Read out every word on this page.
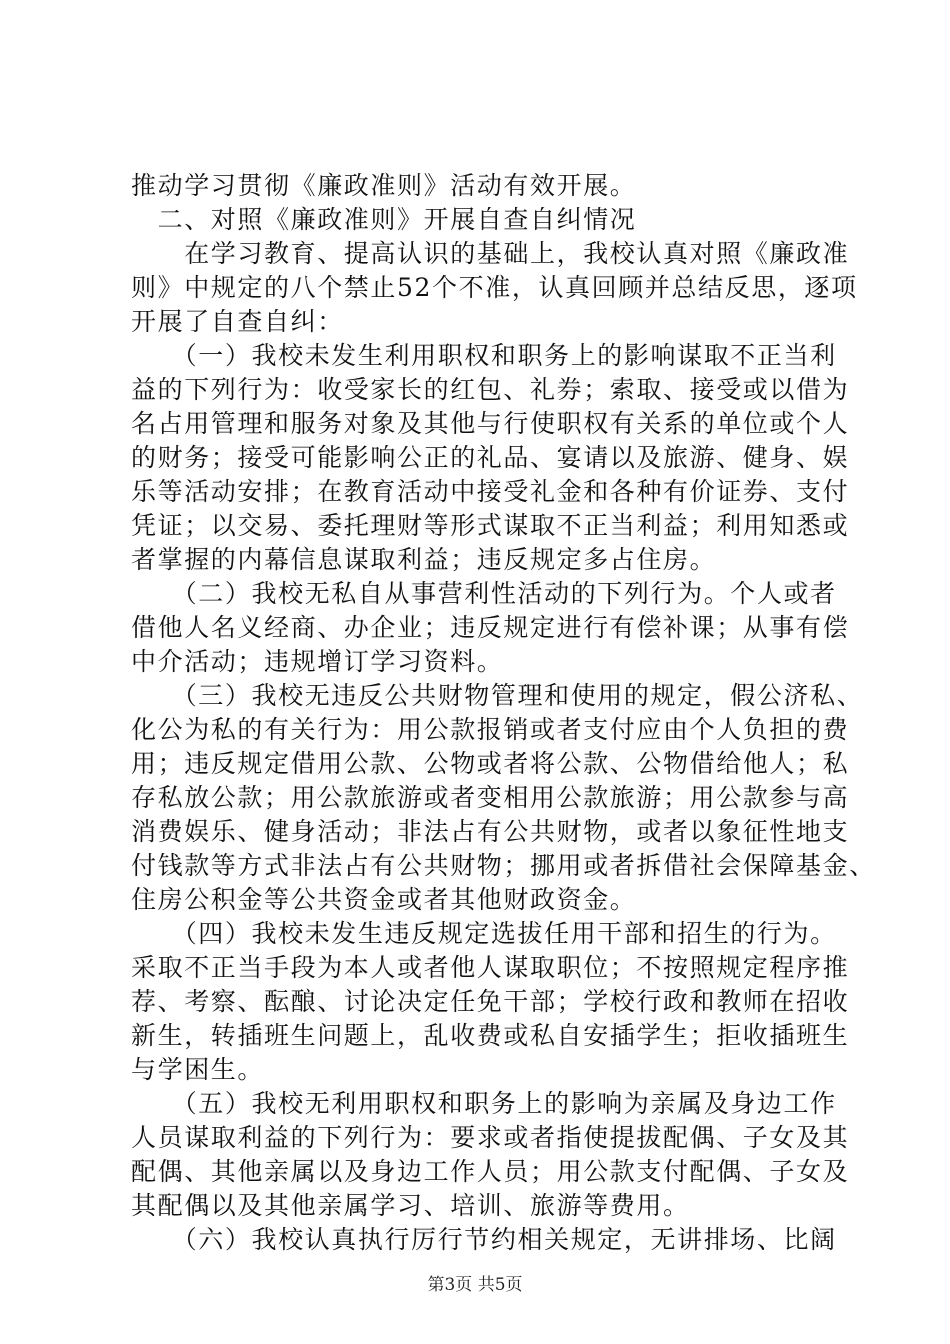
推动学习贯彻《廉政准则》活动有效开展。
　二、对照《廉政准则》开展自查自纠情况
　　在学习教育、提高认识的基础上，我校认真对照《廉政准
则》中规定的八个禁止52个不准，认真回顾并总结反思，逐项
开展了自查自纠：
　　（一）我校未发生利用职权和职务上的影响谋取不正当利
益的下列行为：收受家长的红包、礼券；索取、接受或以借为
名占用管理和服务对象及其他与行使职权有关系的单位或个人
的财务；接受可能影响公正的礼品、宴请以及旅游、健身、娱
乐等活动安排；在教育活动中接受礼金和各种有价证券、支付
凭证；以交易、委托理财等形式谋取不正当利益；利用知悉或
者掌握的内幕信息谋取利益；违反规定多占住房。
　　（二）我校无私自从事营利性活动的下列行为。个人或者
借他人名义经商、办企业；违反规定进行有偿补课；从事有偿
中介活动；违规增订学习资料。
　　（三）我校无违反公共财物管理和使用的规定，假公济私、
化公为私的有关行为：用公款报销或者支付应由个人负担的费
用；违反规定借用公款、公物或者将公款、公物借给他人；私
存私放公款；用公款旅游或者变相用公款旅游；用公款参与高
消费娱乐、健身活动；非法占有公共财物，或者以象征性地支
付钱款等方式非法占有公共财物；挪用或者拆借社会保障基金、
住房公积金等公共资金或者其他财政资金。
　　（四）我校未发生违反规定选拔任用干部和招生的行为。
采取不正当手段为本人或者他人谋取职位；不按照规定程序推
荐、考察、酝酿、讨论决定任免干部；学校行政和教师在招收
新生，转插班生问题上，乱收费或私自安插学生；拒收插班生
与学困生。
　　（五）我校无利用职权和职务上的影响为亲属及身边工作
人员谋取利益的下列行为：要求或者指使提拔配偶、子女及其
配偶、其他亲属以及身边工作人员；用公款支付配偶、子女及
其配偶以及其他亲属学习、培训、旅游等费用。
　　（六）我校认真执行厉行节约相关规定，无讲排场、比阔
第3页 共5页
